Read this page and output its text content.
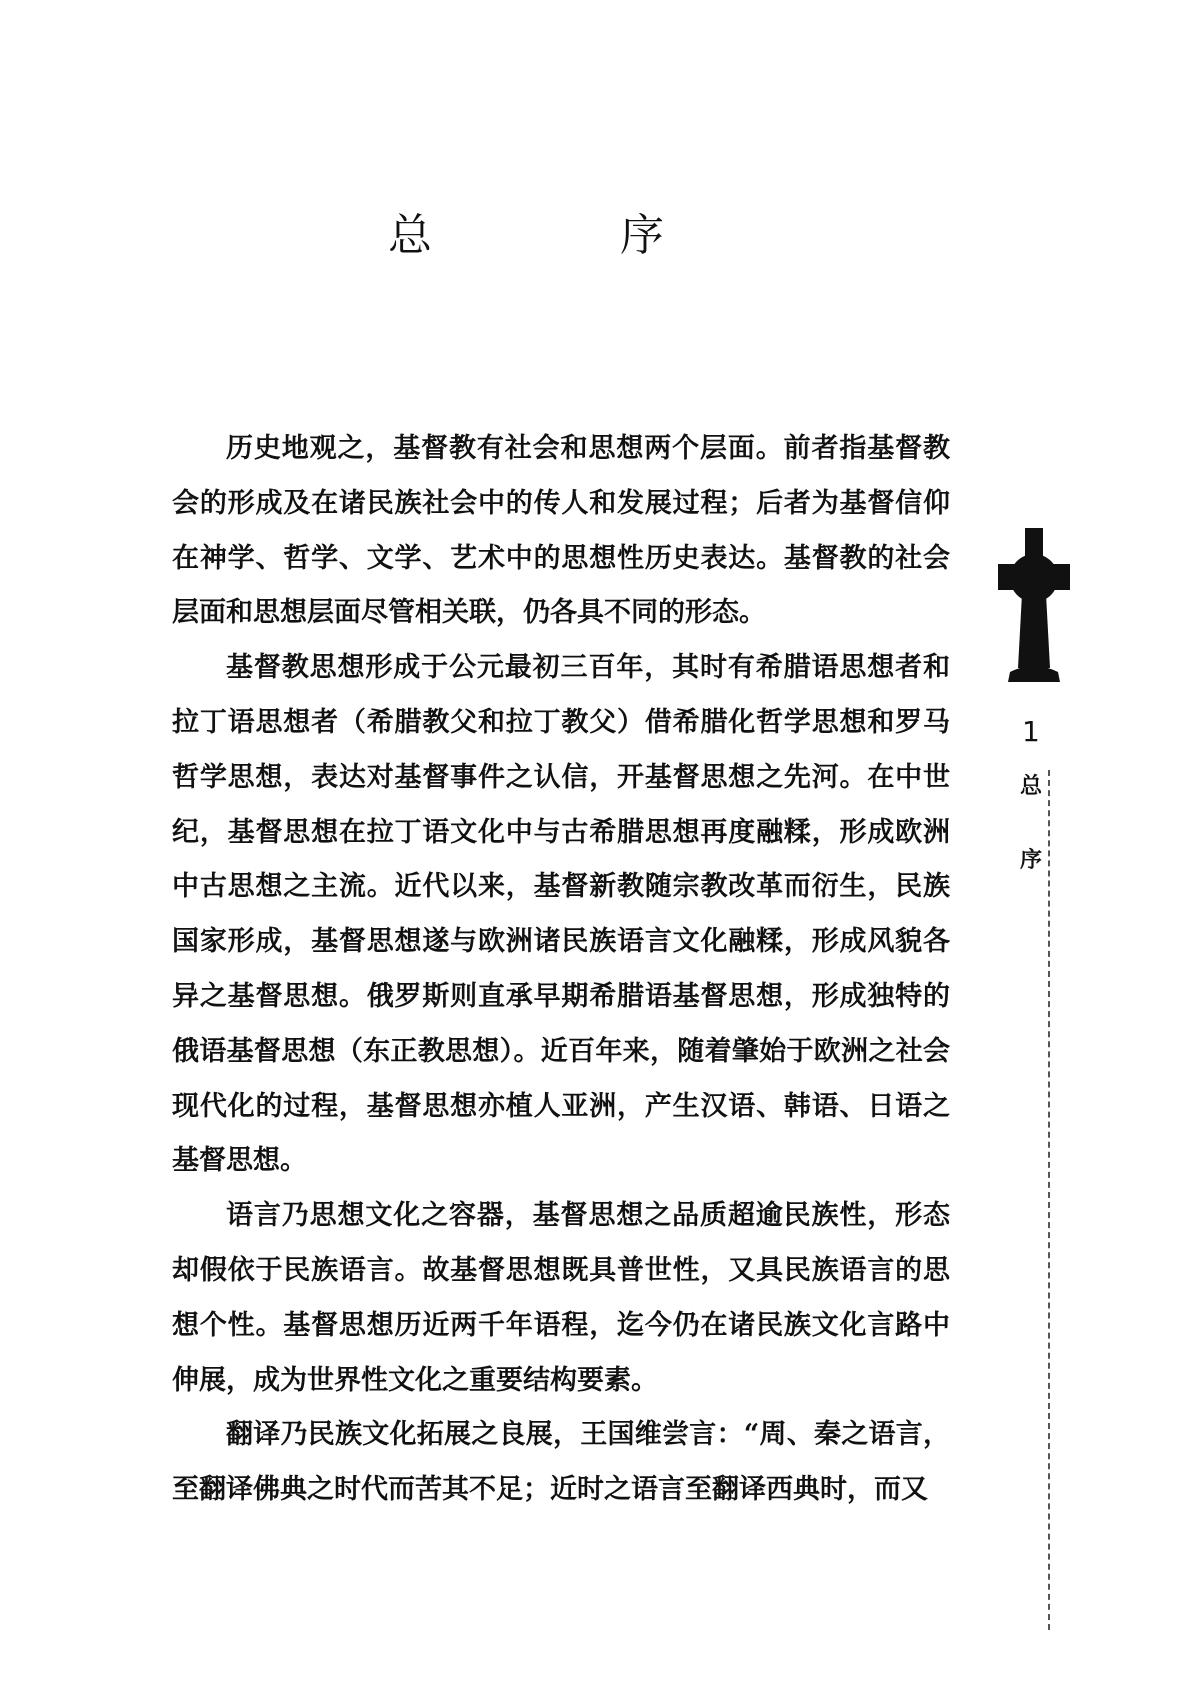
总　序

历史地观之，基督教有社会和思想两个层面。前者指基督教会的形成及在诸民族社会中的传人和发展过程；后者为基督信仰在神学、哲学、文学、艺术中的思想性历史表达。基督教的社会层面和思想层面尽管相关联，仍各具不同的形态。

基督教思想形成于公元最初三百年，其时有希腊语思想者和拉丁语思想者（希腊教父和拉丁教父）借希腊化哲学思想和罗马哲学思想，表达对基督事件之认信，开基督思想之先河。在中世纪，基督思想在拉丁语文化中与古希腊思想再度融糅，形成欧洲中古思想之主流。近代以来，基督新教随宗教改革而衍生，民族国家形成，基督思想遂与欧洲诸民族语言文化融糅，形成风貌各异之基督思想。俄罗斯则直承早期希腊语基督思想，形成独特的俄语基督思想（东正教思想）。近百年来，随着肇始于欧洲之社会现代化的过程，基督思想亦植人亚洲，产生汉语、韩语、日语之基督思想。

语言乃思想文化之容器，基督思想之品质超逾民族性，形态却假依于民族语言。故基督思想既具普世性，又具民族语言的思想个性。基督思想历近两千年语程，迄今仍在诸民族文化言路中伸展，成为世界性文化之重要结构要素。

翻译乃民族文化拓展之良展，王国维尝言：“周、秦之语言，至翻译佛典之时代而苦其不足；近时之语言至翻译西典时，而又

1
总
序
